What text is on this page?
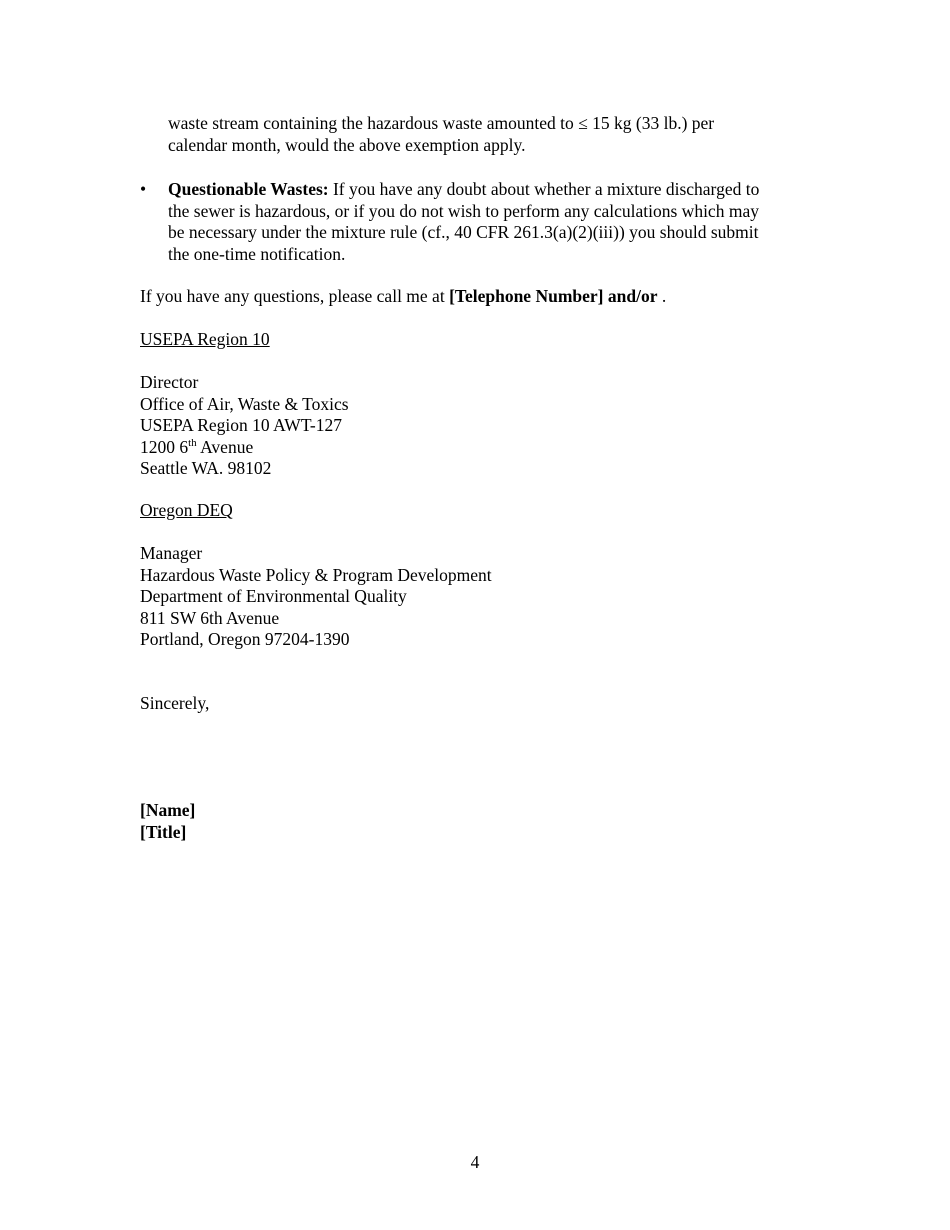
waste stream containing the hazardous waste amounted to ≤ 15 kg (33 lb.) per
calendar month, would the above exemption apply.
• Questionable Wastes: If you have any doubt about whether a mixture discharged to
the sewer is hazardous, or if you do not wish to perform any calculations which may
be necessary under the mixture rule (cf., 40 CFR 261.3(a)(2)(iii)) you should submit
the one-time notification.
If you have any questions, please call me at [Telephone Number] and/or .
USEPA Region 10
Director
Office of Air, Waste & Toxics
USEPA Region 10 AWT-127
1200 6th Avenue
Seattle WA. 98102
Oregon DEQ
Manager
Hazardous Waste Policy & Program Development
Department of Environmental Quality
811 SW 6th Avenue
Portland, Oregon 97204-1390
Sincerely,
[Name]
[Title]
4
